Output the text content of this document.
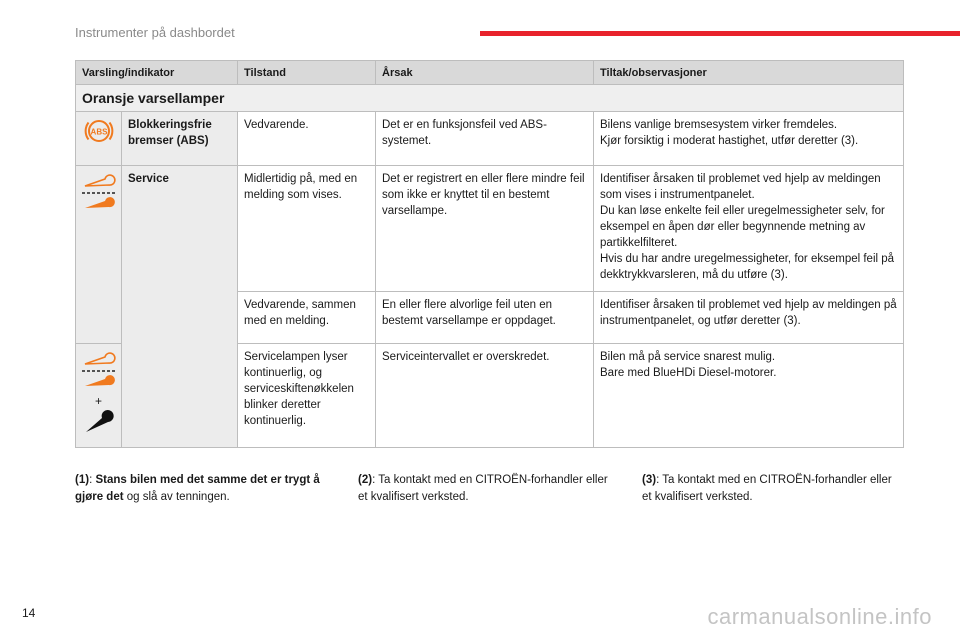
Instrumenter på dashbordet
Varsling/indikator		Tilstand	Årsak	Tiltak/observasjoner
Oransje varsellamper				

ABS	Blokkeringsfrie bremser (ABS)	Vedvarende.	Det er en funksjonsfeil ved ABS-systemet.	Bilens vanlige bremsesystem virker fremdeles.
Kjør forsiktig i moderat hastighet, utfør deretter (3).

	Service	Midlertidig på, med en melding som vises.	Det er registrert en eller flere mindre feil som ikke er knyttet til en bestemt varsellampe.	Identifiser årsaken til problemet ved hjelp av meldingen som vises i instrumentpanelet.
Du kan løse enkelte feil eller uregelmessigheter selv, for eksempel en åpen dør eller begynnende metning av partikkelfilteret.
Hvis du har andre uregelmessigheter, for eksempel feil på dekktrykkvarsleren, må du utføre (3).
		Vedvarende, sammen med en melding.	En eller flere alvorlige feil uten en bestemt varsellampe er oppdaget.	Identifiser årsaken til problemet ved hjelp av meldingen på instrumentpanelet, og utfør deretter (3).

+		Servicelampen lyser kontinuerlig, og serviceskiftenøkkelen blinker deretter kontinuerlig.	Serviceintervallet er overskredet.	Bilen må på service snarest mulig.
Bare med BlueHDi Diesel-motorer.
(1): Stans bilen med det samme det er trygt å gjøre det og slå av tenningen.
(2): Ta kontakt med en CITROËN-forhandler eller et kvalifisert verksted.
(3): Ta kontakt med en CITROËN-forhandler eller et kvalifisert verksted.
14	carmanualsonline.info
